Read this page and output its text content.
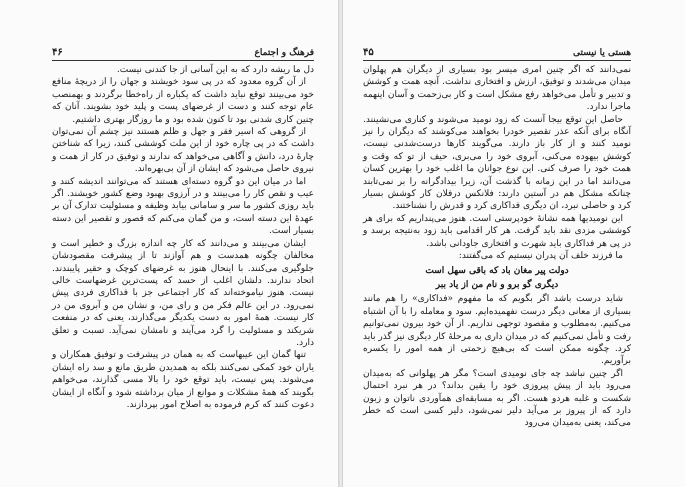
۴۶	فرهنگ و اجتماع

دل ما ریشه دارد که به این آسانی از جا کندنی نیست.

از آن گروه معدود که در پی سود خویشند و جهان را از دریچهٔ منافع خود می‌بینند توقع نباید داشت که یکباره از راه‌خطا برگردند و بهمنصب عام توجه کنند و دست از غرضهای پست و پلید خود بشویند. آنان که چنین کاری شدنی بود تا کنون شده بود و ما روزگار بهتری داشتیم.

از گروهی که اسیر فقر و جهل و ظلم هستند نیز چشم آن نمی‌توان داشت که در پی چاره خود از این ملت کوششی کنند، زیرا که شناختن چارهٔ درد، دانش و آگاهی می‌خواهد که ندارند و توفیق در کار از همت و نیروی حاصل می‌شود که ایشان از آن بی‌بهره‌اند.

اما در میان این دو گروه دسته‌ای هستند که می‌توانند اندیشه کنند و عیب و نقص کار را می‌بینند و در آرزوی بهبود وضع کشور خویشند. اگر باید روزی کشور ما سر و سامانی بیابد وظیفه و مسئولیت تدارک آن بر عهدهٔ این دسته است، و من گمان می‌کنم که قصور و تقصیر این دسته بسیار است.

ایشان می‌بینند و می‌دانند که کار چه اندازه بزرگ و خطیر است و مخالفان چگونه همدست و هم آوازند تا از پیشرفت مقصودشان جلوگیری می‌کنند. با اینحال هنوز به غرضهای کوچک و حقیر پایبندند. اتحاد ندارند. دلشان اغلب از حسد که پست‌ترین غرضهاست خالی نیست. هنوز نیاموخته‌اند که کار اجتماعی جز با فداکاری فردی پیش نمی‌رود. در این عالم فکر من و رای من، و نشان من و آبروی من در کار نیست. همهٔ امور به دست یکدیگر می‌گذارند، یعنی که در منفعت شریکند و مسئولیت را گرد می‌آیند و نامشان نمی‌آید. تسبت و تعلق دارد.

تنها گمان این عیبهاست که به همان در پیشرفت و توفیق همکاران و یاران خود کمکی نمی‌کنند بلکه به همدیدن طریق مانع و سد راه ایشان می‌شوند. پس نیست، باید توقع خود را بالا مسی گذارند، می‌خواهم بگویند که همهٔ مشکلات و موانع از میان برداشته شود و آنگاه از ایشان دعوت کنند که کرم فرموده به اصلاح امور بپردازند.

۴۵	هستی یا نیستی

نمی‌دانند که اگر چنین امری میسر بود بسیاری از دیگران هم پهلوان میدان می‌شدند و توفیق، ارزش و افتخاری نداشت. آنچه همت و کوشش و تدبیر و تأمل می‌خواهد رفع مشکل است و کار بی‌زحمت و آسان اینهمه ماجرا ندارد.

حاصل این توقع بیجا آنست که زود نومید می‌شوند و کناری می‌نشینند. آنگاه برای آنکه عذر تقصیر خودرا بخواهند می‌کوشند که دیگران را نیز نومید کنند و از کار باز دارند. می‌گویند کارها درست‌شدنی نیست، کوشش بیهوده می‌کنی، آبروی خود را می‌بری، حیف از تو که وقت و همت خود را صرف کنی. این نوع جوانان ما اغلب خود را بهترین کسان می‌دانند اما در این زمانه با گذشت آن، زیرا بیدادگرانه را بر نمی‌تابند چنانکه مشکل هم در آستین دارند: فلانکس درفلان کار کوشش بسیار کرد و حاصلی نبرد، ان دیگری فداکاری کرد و قدرش را نشناختند.

این نومیدیها همه نشانهٔ خودپرستی است. هنوز می‌پنداریم که برای هر کوششی مزدی نقد باید گرفت. هر کار اقدامی باید زود به‌نتیجه برسد و در پی هر فداکاری باید شهرت و افتخاری جاودانی باشد.

ما فرزند خلف آن پدران نیستیم که می‌گفتند:

دولت پیر مغان باد که باقی سهل است
دیگری گو برو و نام من از یاد ببر

شاید درست باشد اگر بگویم که ما مفهوم «فداکاری» را هم مانند بسیاری از معانی دیگر درست نفهمیده‌ایم. سود و معامله را با آن اشتباه می‌کنیم. به‌مطلوب و مقصود توجهی نداریم. از آن خود بیرون نمی‌توانیم رفت و تأمل نمی‌کنیم که در میدان داری به مرحلهٔ کار دیگری نیز گذر باید کرد. چگونه ممکن است که بی‌هیچ زحمتی از همه امور را یکسره برآوریم.

اگر چنین نباشد چه جای نومیدی است؟ مگر هر پهلوانی که به‌میدان می‌رود باید از پیش پیروزی خود را یقین بداند؟ در هر نبرد احتمال شکست و غلبه هردو هست. اگر به مسابقه‌ای همآوردی ناتوان و زبون دارد که از پیروز بر می‌آید دلیر نمی‌شود، دلیر کسی است که خطر می‌کند، یعنی به‌میدان می‌رود
